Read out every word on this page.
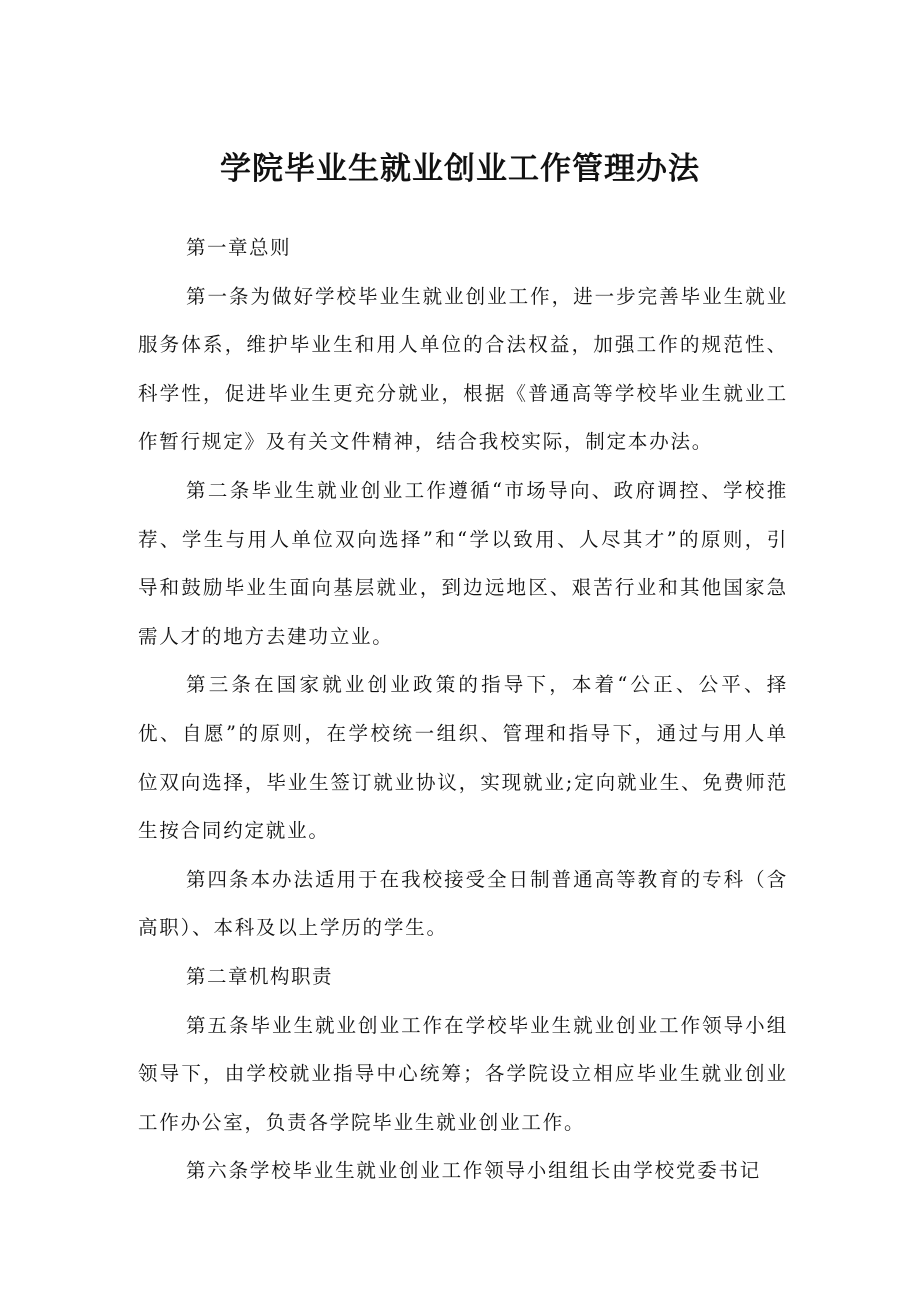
学院毕业生就业创业工作管理办法

第一章总则

第一条为做好学校毕业生就业创业工作，进一步完善毕业生就业服务体系，维护毕业生和用人单位的合法权益，加强工作的规范性、科学性，促进毕业生更充分就业，根据《普通高等学校毕业生就业工作暂行规定》及有关文件精神，结合我校实际，制定本办法。

第二条毕业生就业创业工作遵循“市场导向、政府调控、学校推荐、学生与用人单位双向选择”和“学以致用、人尽其才”的原则，引导和鼓励毕业生面向基层就业，到边远地区、艰苦行业和其他国家急需人才的地方去建功立业。

第三条在国家就业创业政策的指导下，本着“公正、公平、择优、自愿”的原则，在学校统一组织、管理和指导下，通过与用人单位双向选择，毕业生签订就业协议，实现就业;定向就业生、免费师范生按合同约定就业。

第四条本办法适用于在我校接受全日制普通高等教育的专科（含高职）、本科及以上学历的学生。

第二章机构职责

第五条毕业生就业创业工作在学校毕业生就业创业工作领导小组领导下，由学校就业指导中心统筹；各学院设立相应毕业生就业创业工作办公室，负责各学院毕业生就业创业工作。

第六条学校毕业生就业创业工作领导小组组长由学校党委书记
